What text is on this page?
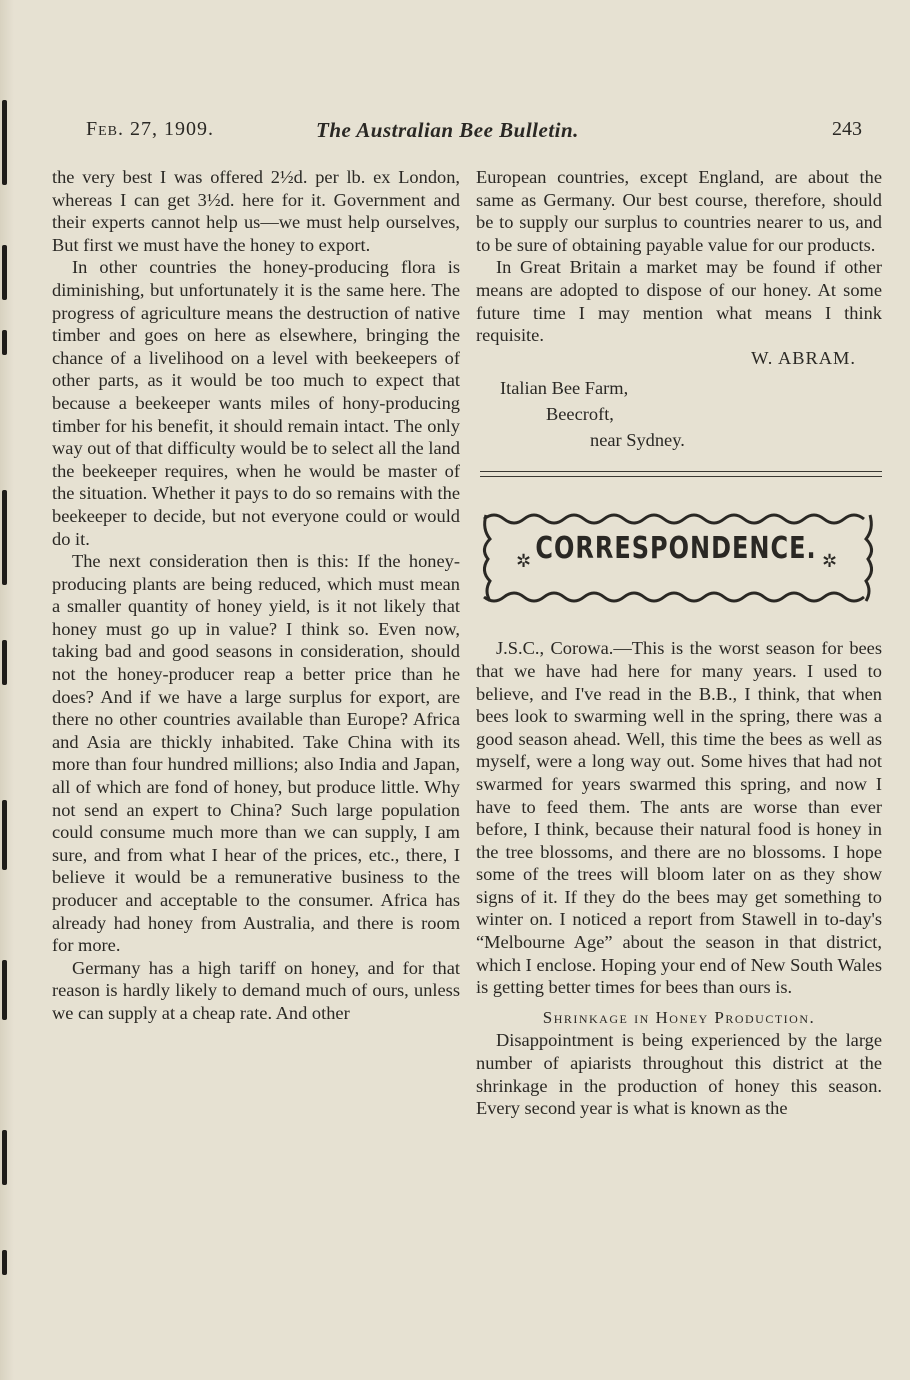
Feb. 27, 1909.	The Australian Bee Bulletin.	243

the very best I was offered 2½d. per lb. ex London, whereas I can get 3½d. here for it. Government and their experts cannot help us—we must help ourselves, But first we must have the honey to export.

In other countries the honey-producing flora is diminishing, but unfortunately it is the same here. The progress of agriculture means the destruction of native timber and goes on here as elsewhere, bringing the chance of a livelihood on a level with beekeepers of other parts, as it would be too much to expect that because a beekeeper wants miles of hony-producing timber for his benefit, it should remain intact. The only way out of that difficulty would be to select all the land the beekeeper requires, when he would be master of the situation. Whether it pays to do so remains with the beekeeper to decide, but not everyone could or would do it.

The next consideration then is this: If the honey-producing plants are being reduced, which must mean a smaller quantity of honey yield, is it not likely that honey must go up in value? I think so. Even now, taking bad and good seasons in consideration, should not the honey-producer reap a better price than he does? And if we have a large surplus for export, are there no other countries available than Europe? Africa and Asia are thickly inhabited. Take China with its more than four hundred millions; also India and Japan, all of which are fond of honey, but produce little. Why not send an expert to China? Such large population could consume much more than we can supply, I am sure, and from what I hear of the prices, etc., there, I believe it would be a remunerative business to the producer and acceptable to the consumer. Africa has already had honey from Australia, and there is room for more.

Germany has a high tariff on honey, and for that reason is hardly likely to demand much of ours, unless we can supply at a cheap rate. And other

European countries, except England, are about the same as Germany. Our best course, therefore, should be to supply our surplus to countries nearer to us, and to be sure of obtaining payable value for our products.

In Great Britain a market may be found if other means are adopted to dispose of our honey. At some future time I may mention what means I think requisite.

W. ABRAM.
Italian Bee Farm,
Beecroft,
near Sydney.
✲	✲
CORRESPONDENCE.

J.S.C., Corowa.—This is the worst season for bees that we have had here for many years. I used to believe, and I've read in the B.B., I think, that when bees look to swarming well in the spring, there was a good season ahead. Well, this time the bees as well as myself, were a long way out. Some hives that had not swarmed for years swarmed this spring, and now I have to feed them. The ants are worse than ever before, I think, because their natural food is honey in the tree blossoms, and there are no blossoms. I hope some of the trees will bloom later on as they show signs of it. If they do the bees may get something to winter on. I noticed a report from Stawell in to-day's “Melbourne Age” about the season in that district, which I enclose. Hoping your end of New South Wales is getting better times for bees than ours is.

Shrinkage in Honey Production.

Disappointment is being experienced by the large number of apiarists throughout this district at the shrinkage in the production of honey this season. Every second year is what is known as the
